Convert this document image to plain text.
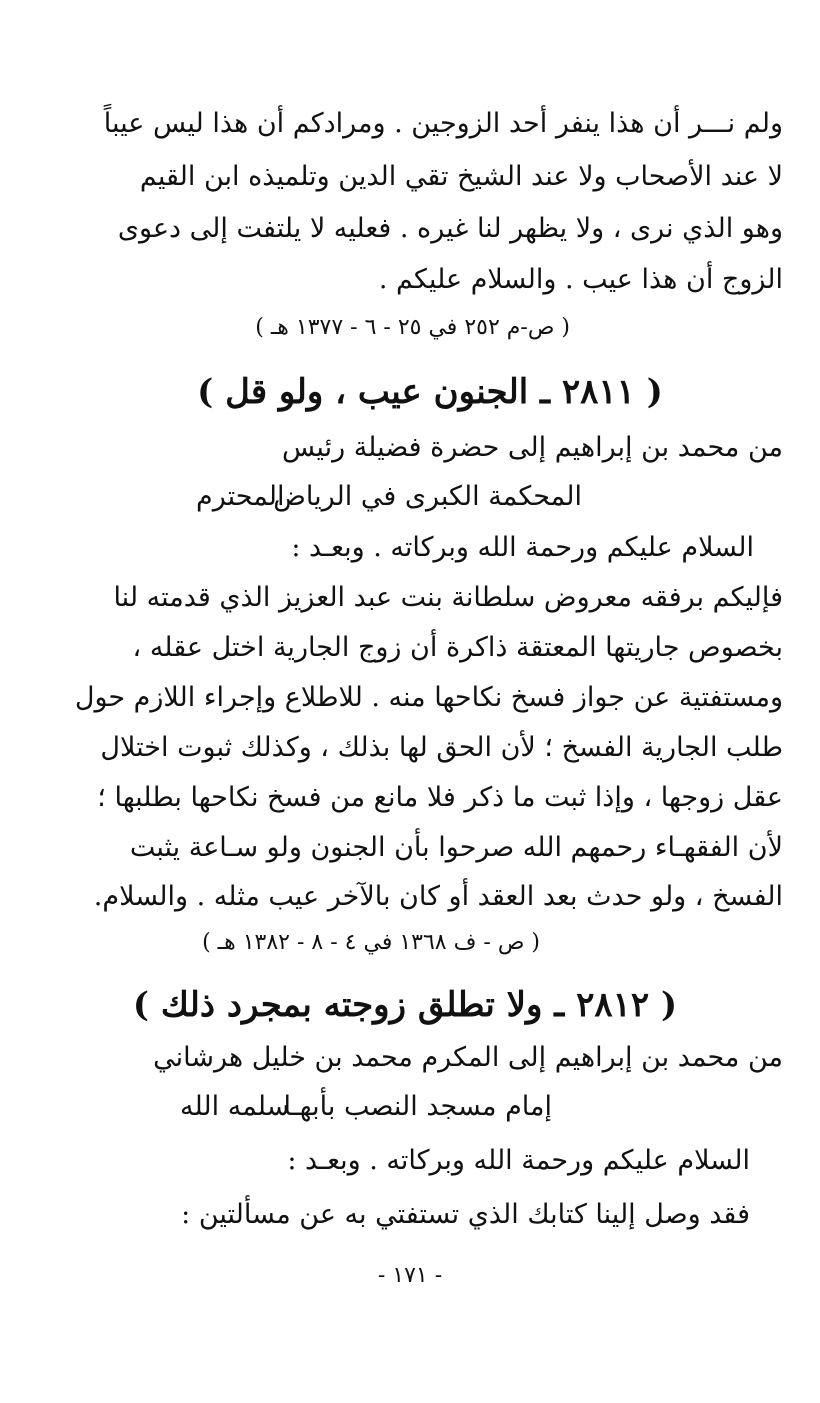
ولم نـــر أن هذا ينفر أحد الزوجين . ومرادكم أن هذا ليس عيباً
لا عند الأصحاب ولا عند الشيخ تقي الدين وتلميذه ابن القيم
وهو الذي نرى ، ولا يظهر لنا غيره . فعليه لا يلتفت إلى دعوى
الزوج أن هذا عيب . والسلام عليكم .
( ص-م ٢٥٢ في ٢٥ - ٦ - ١٣٧٧ هـ )
( ٢٨١١ ـ الجنون عيب ، ولو قل )
من محمد بن إبراهيم إلى حضرة فضيلة رئيس
المحكمة الكبرى في الرياض
المحترم
السلام عليكم ورحمة الله وبركاته . وبعـد :
فإليكم برفقه معروض سلطانة بنت عبد العزيز الذي قدمته لنا
بخصوص جاريتها المعتقة ذاكرة أن زوج الجارية اختل عقله ،
ومستفتية عن جواز فسخ نكاحها منه . للاطلاع وإجراء اللازم حول
طلب الجارية الفسخ ؛ لأن الحق لها بذلك ، وكذلك ثبوت اختلال
عقل زوجها ، وإذا ثبت ما ذكر فلا مانع من فسخ نكاحها بطلبها ؛
لأن الفقهـاء رحمهم الله صرحوا بأن الجنون ولو سـاعة يثبت
الفسخ ، ولو حدث بعد العقد أو كان بالآخر عيب مثله . والسلام.
( ص - ف ١٣٦٨ في ٤ - ٨ - ١٣٨٢ هـ )
( ٢٨١٢ ـ ولا تطلق زوجته بمجرد ذلك )
من محمد بن إبراهيم إلى المكرم محمد بن خليل هرشاني
إمام مسجد النصب بأبهـا
سلمه الله
السلام عليكم ورحمة الله وبركاته . وبعـد :
فقد وصل إلينا كتابك الذي تستفتي به عن مسألتين :
- ١٧١ -
